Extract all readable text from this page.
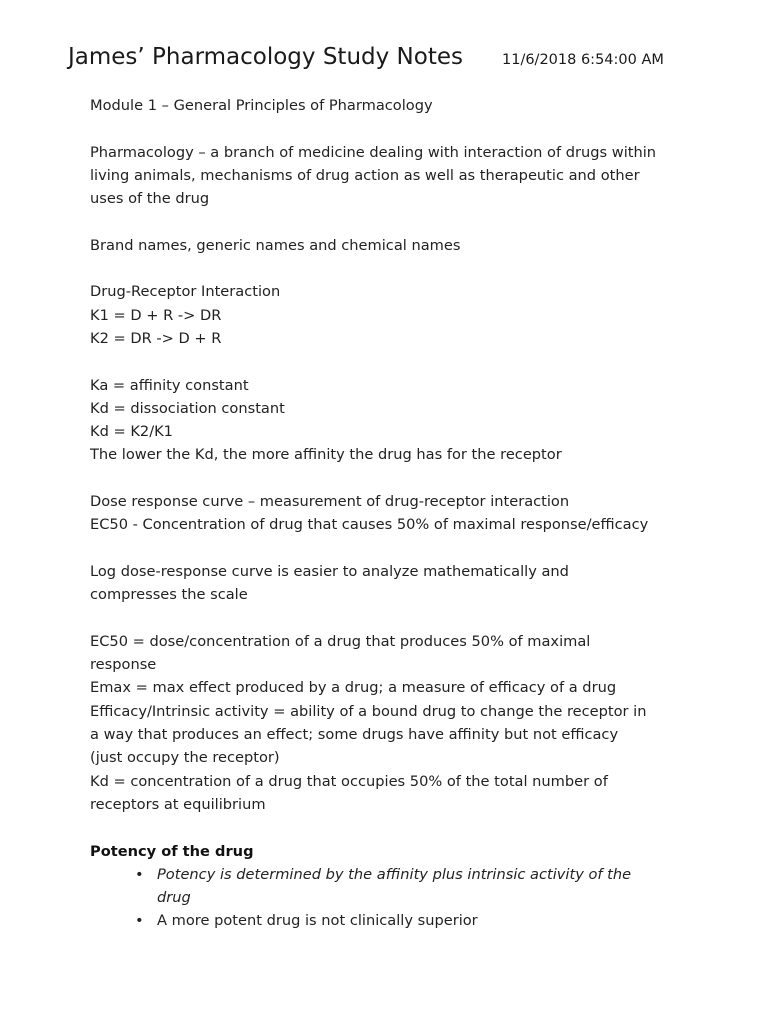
James’ Pharmacology Study Notes	11/6/2018 6:54:00 AM

Module 1 – General Principles of Pharmacology

Pharmacology – a branch of medicine dealing with interaction of drugs within

living animals, mechanisms of drug action as well as therapeutic and other

uses of the drug

Brand names, generic names and chemical names

Drug-Receptor Interaction

K1 = D + R -> DR

K2 = DR -> D + R

Ka = affinity constant

Kd = dissociation constant

Kd = K2/K1

The lower the Kd, the more affinity the drug has for the receptor

Dose response curve – measurement of drug-receptor interaction

EC50 - Concentration of drug that causes 50% of maximal response/efficacy

Log dose-response curve is easier to analyze mathematically and

compresses the scale

EC50 = dose/concentration of a drug that produces 50% of maximal

response

Emax = max effect produced by a drug; a measure of efficacy of a drug

Efficacy/Intrinsic activity = ability of a bound drug to change the receptor in

a way that produces an effect; some drugs have affinity but not efficacy

(just occupy the receptor)

Kd = concentration of a drug that occupies 50% of the total number of

receptors at equilibrium

Potency of the drug

• Potency is determined by the affinity plus intrinsic activity of the

drug

• A more potent drug is not clinically superior
